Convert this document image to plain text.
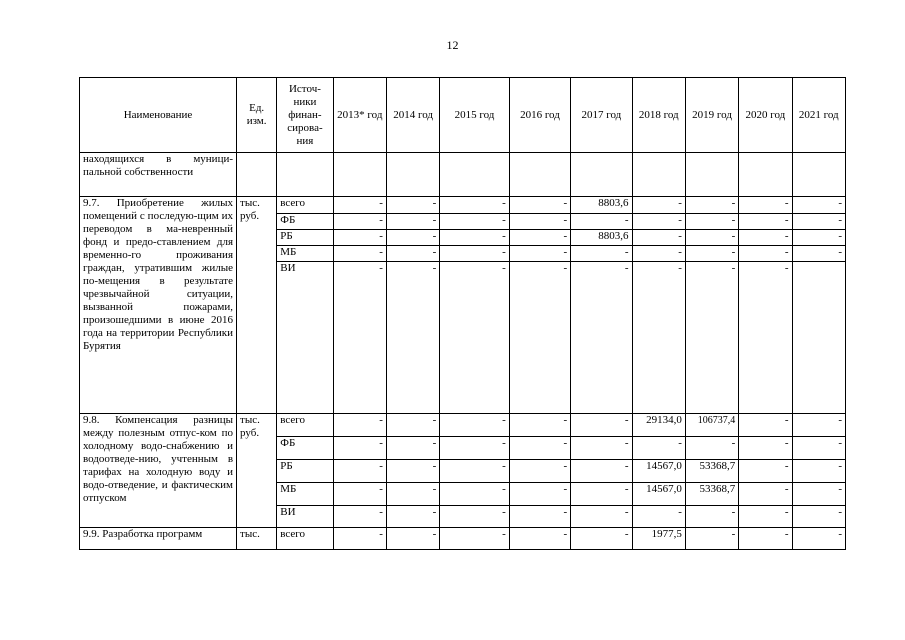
12
Наименование	Ед. изм.	Источ-ники финан-сирова-ния	2013* год	2014 год	2015 год	2016 год	2017 год	2018 год	2019 год	2020 год	2021 год
находящихся в муници-пальной собственности											
9.7. Приобретение жилых помещений с последую-щим их переводом в ма-невренный фонд и предо-ставлением для временно-го проживания граждан, утратившим жилые по-мещения в результате чрезвычайной ситуации, вызванной пожарами, произошедшими в июне 2016 года на территории Республики Бурятия	тыс. руб.	всего	-	-	-	-	8803,6	-	-	-	-
		ФБ	-	-	-	-	-	-	-	-	-
		РБ	-	-	-	-	8803,6	-	-	-	-
		МБ	-	-	-	-	-	-	-	-	-
		ВИ	-	-	-	-	-	-	-	-	
9.8. Компенсация разницы между полезным отпус-ком по холодному водо-снабжению и водоотведе-нию, учтенным в тарифах на холодную воду и водо-отведение, и фактическим отпуском	тыс. руб.	всего	-	-	-	-	-	29134,0	106737,4	-	-
		ФБ	-	-	-	-	-	-	-	-	-
		РБ	-	-	-	-	-	14567,0	53368,7	-	-
		МБ	-	-	-	-	-	14567,0	53368,7	-	-
		ВИ	-	-	-	-	-	-	-	-	-
9.9. Разработка программ	тыс.	всего	-	-	-	-	-	1977,5	-	-	-
